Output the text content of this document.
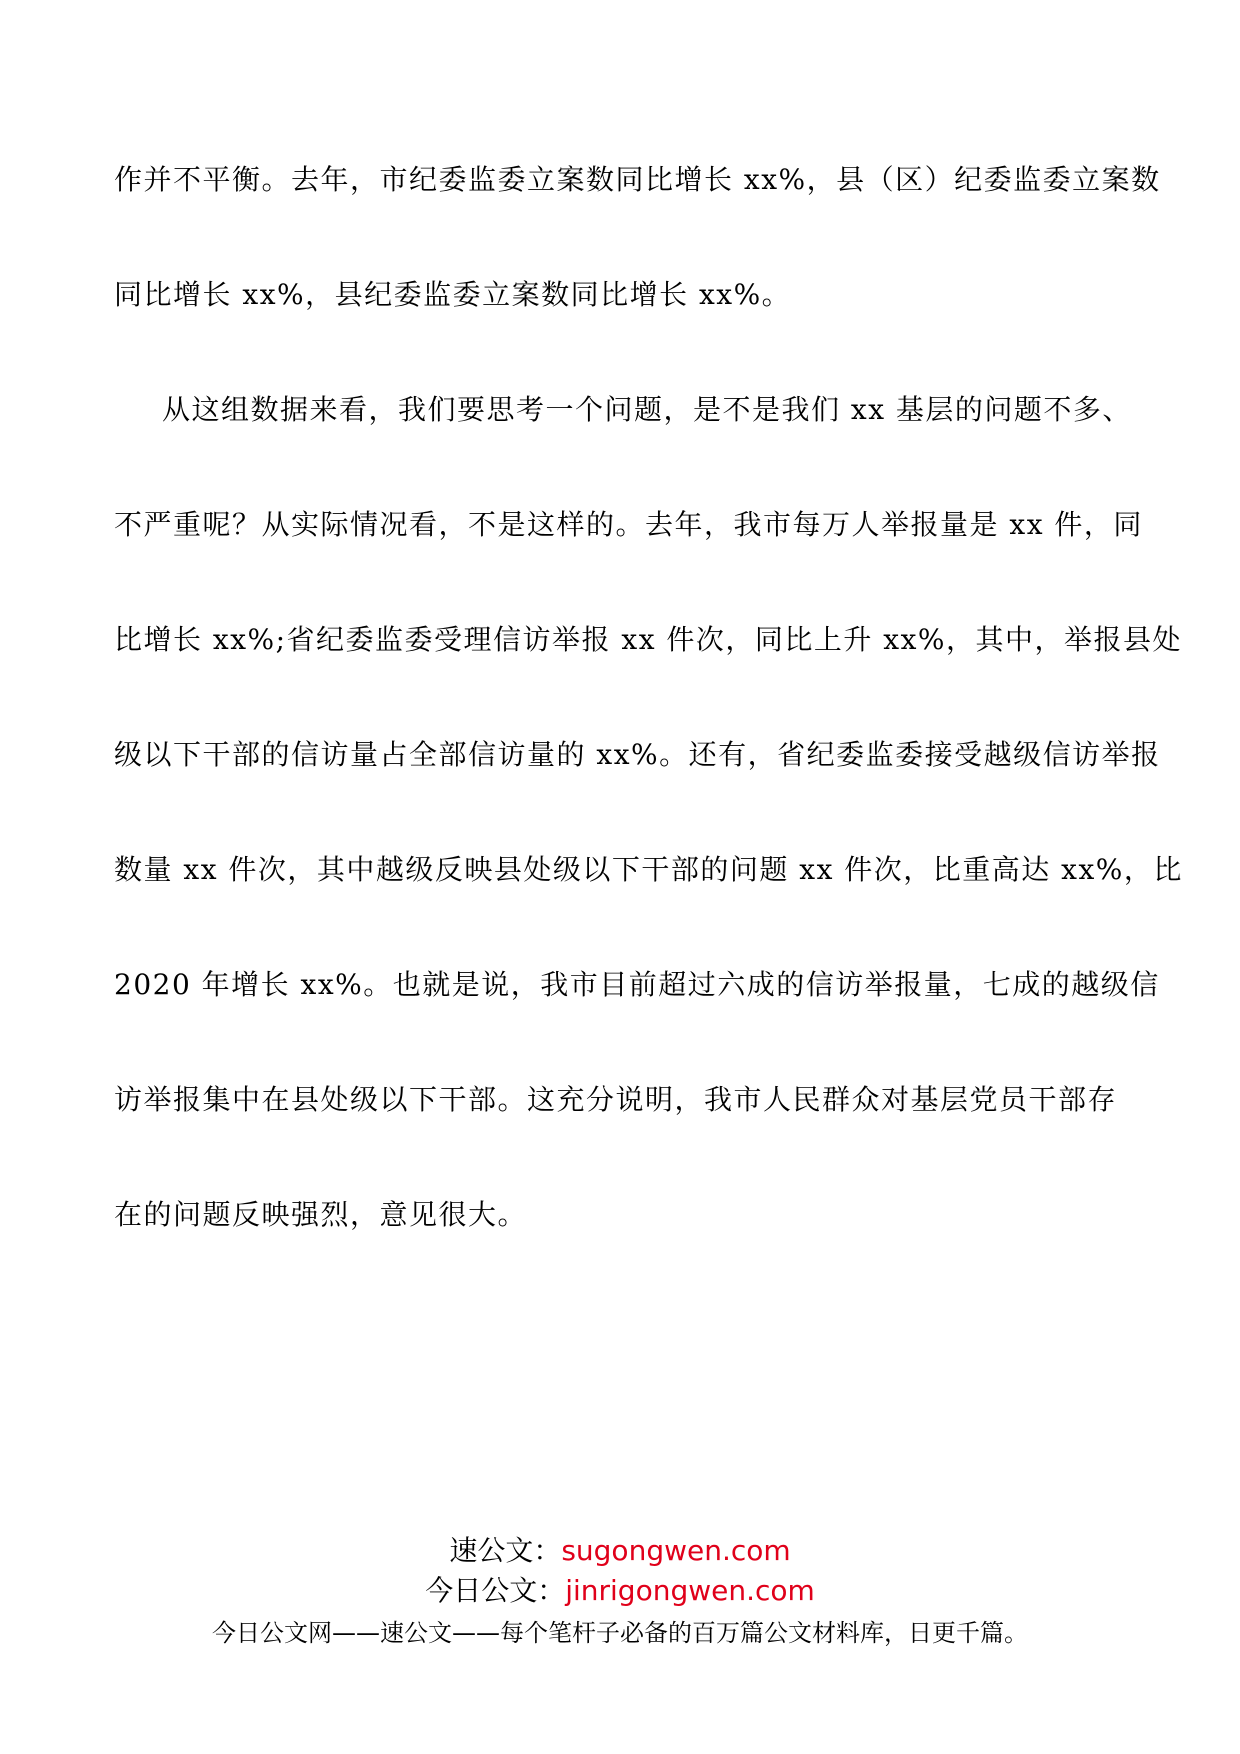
作并不平衡。去年，市纪委监委立案数同比增长 xx%，县（区）纪委监委立案数
同比增长 xx%，县纪委监委立案数同比增长 xx%。
从这组数据来看，我们要思考一个问题，是不是我们 xx 基层的问题不多、
不严重呢？从实际情况看，不是这样的。去年，我市每万人举报量是 xx 件，同
比增长 xx%;省纪委监委受理信访举报 xx 件次，同比上升 xx%，其中，举报县处
级以下干部的信访量占全部信访量的 xx%。还有，省纪委监委接受越级信访举报
数量 xx 件次，其中越级反映县处级以下干部的问题 xx 件次，比重高达 xx%，比
2020 年增长 xx%。也就是说，我市目前超过六成的信访举报量，七成的越级信
访举报集中在县处级以下干部。这充分说明，我市人民群众对基层党员干部存
在的问题反映强烈，意见很大。
速公文：sugongwen.com
今日公文：jinrigongwen.com
今日公文网——速公文——每个笔杆子必备的百万篇公文材料库，日更千篇。
